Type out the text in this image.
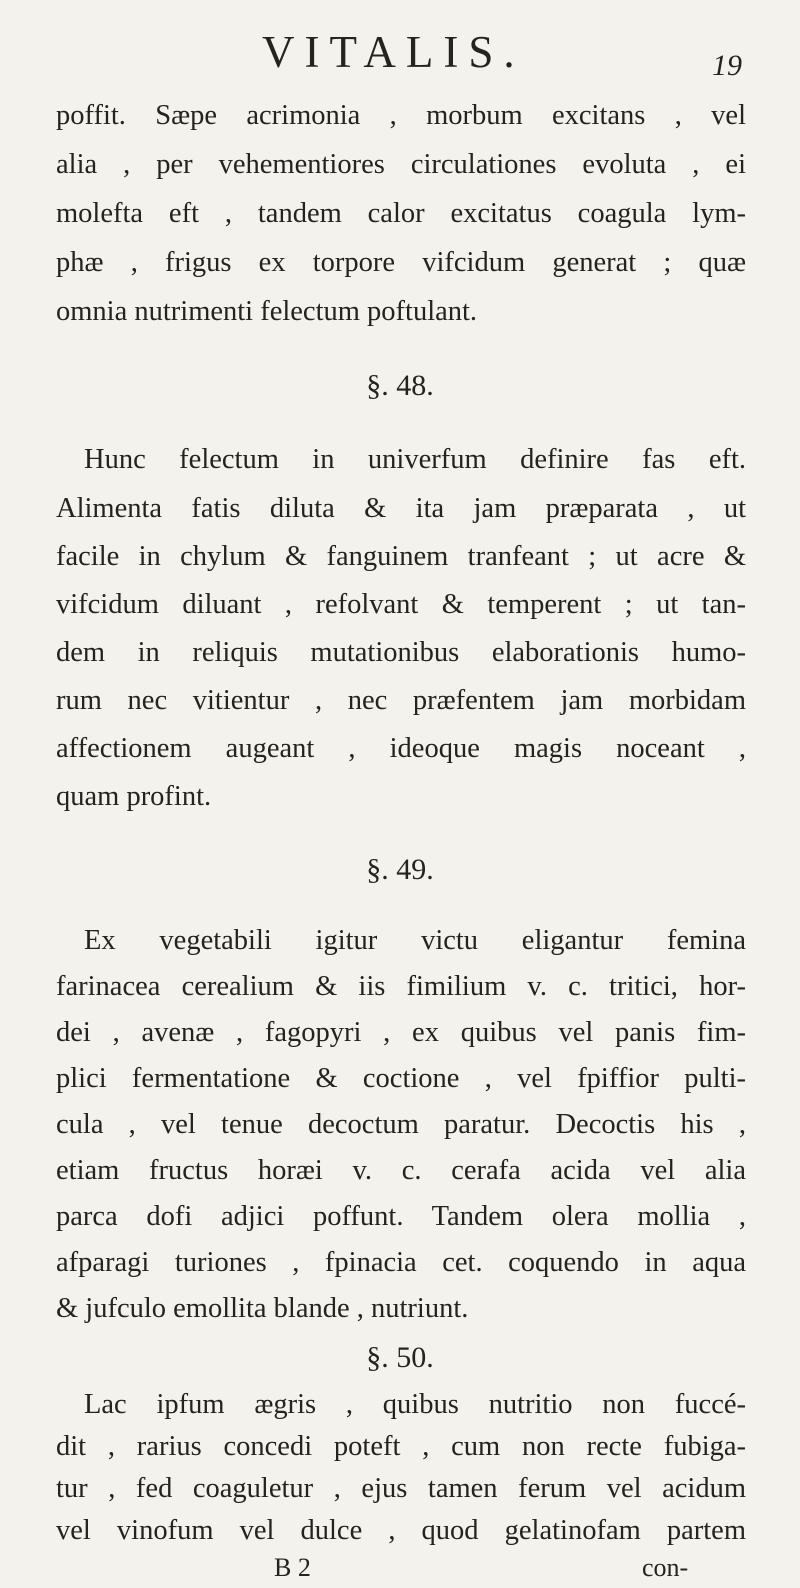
VITALIS.	19
poffit. Sæpe acrimonia , morbum excitans , vel
alia , per vehementiores circulationes evoluta , ei
molefta eft , tandem calor excitatus coagula lym-
phæ , frigus ex torpore vifcidum generat ; quæ
omnia nutrimenti felectum poftulant.
§. 48.
Hunc felectum in univerfum definire fas eft.
Alimenta fatis diluta & ita jam præparata , ut
facile in chylum & fanguinem tranfeant ; ut acre &
vifcidum diluant , refolvant & temperent ; ut tan-
dem in reliquis mutationibus elaborationis humo-
rum nec vitientur , nec præfentem jam morbidam
affectionem augeant , ideoque magis noceant ,
quam profint.
§. 49.
Ex vegetabili igitur victu eligantur femina
farinacea cerealium & iis fimilium v. c. tritici, hor-
dei , avenæ , fagopyri , ex quibus vel panis fim-
plici fermentatione & coctione , vel fpiffior pulti-
cula , vel tenue decoctum paratur. Decoctis his ,
etiam fructus horæi v. c. cerafa acida vel alia
parca dofi adjici poffunt. Tandem olera mollia ,
afparagi turiones , fpinacia cet. coquendo in aqua
& jufculo emollita blande , nutriunt.
§. 50.
Lac ipfum ægris , quibus nutritio non fuccé-
dit , rarius concedi poteft , cum non recte fubiga-
tur , fed coaguletur , ejus tamen ferum vel acidum
vel vinofum vel dulce , quod gelatinofam partem
B 2	con-
